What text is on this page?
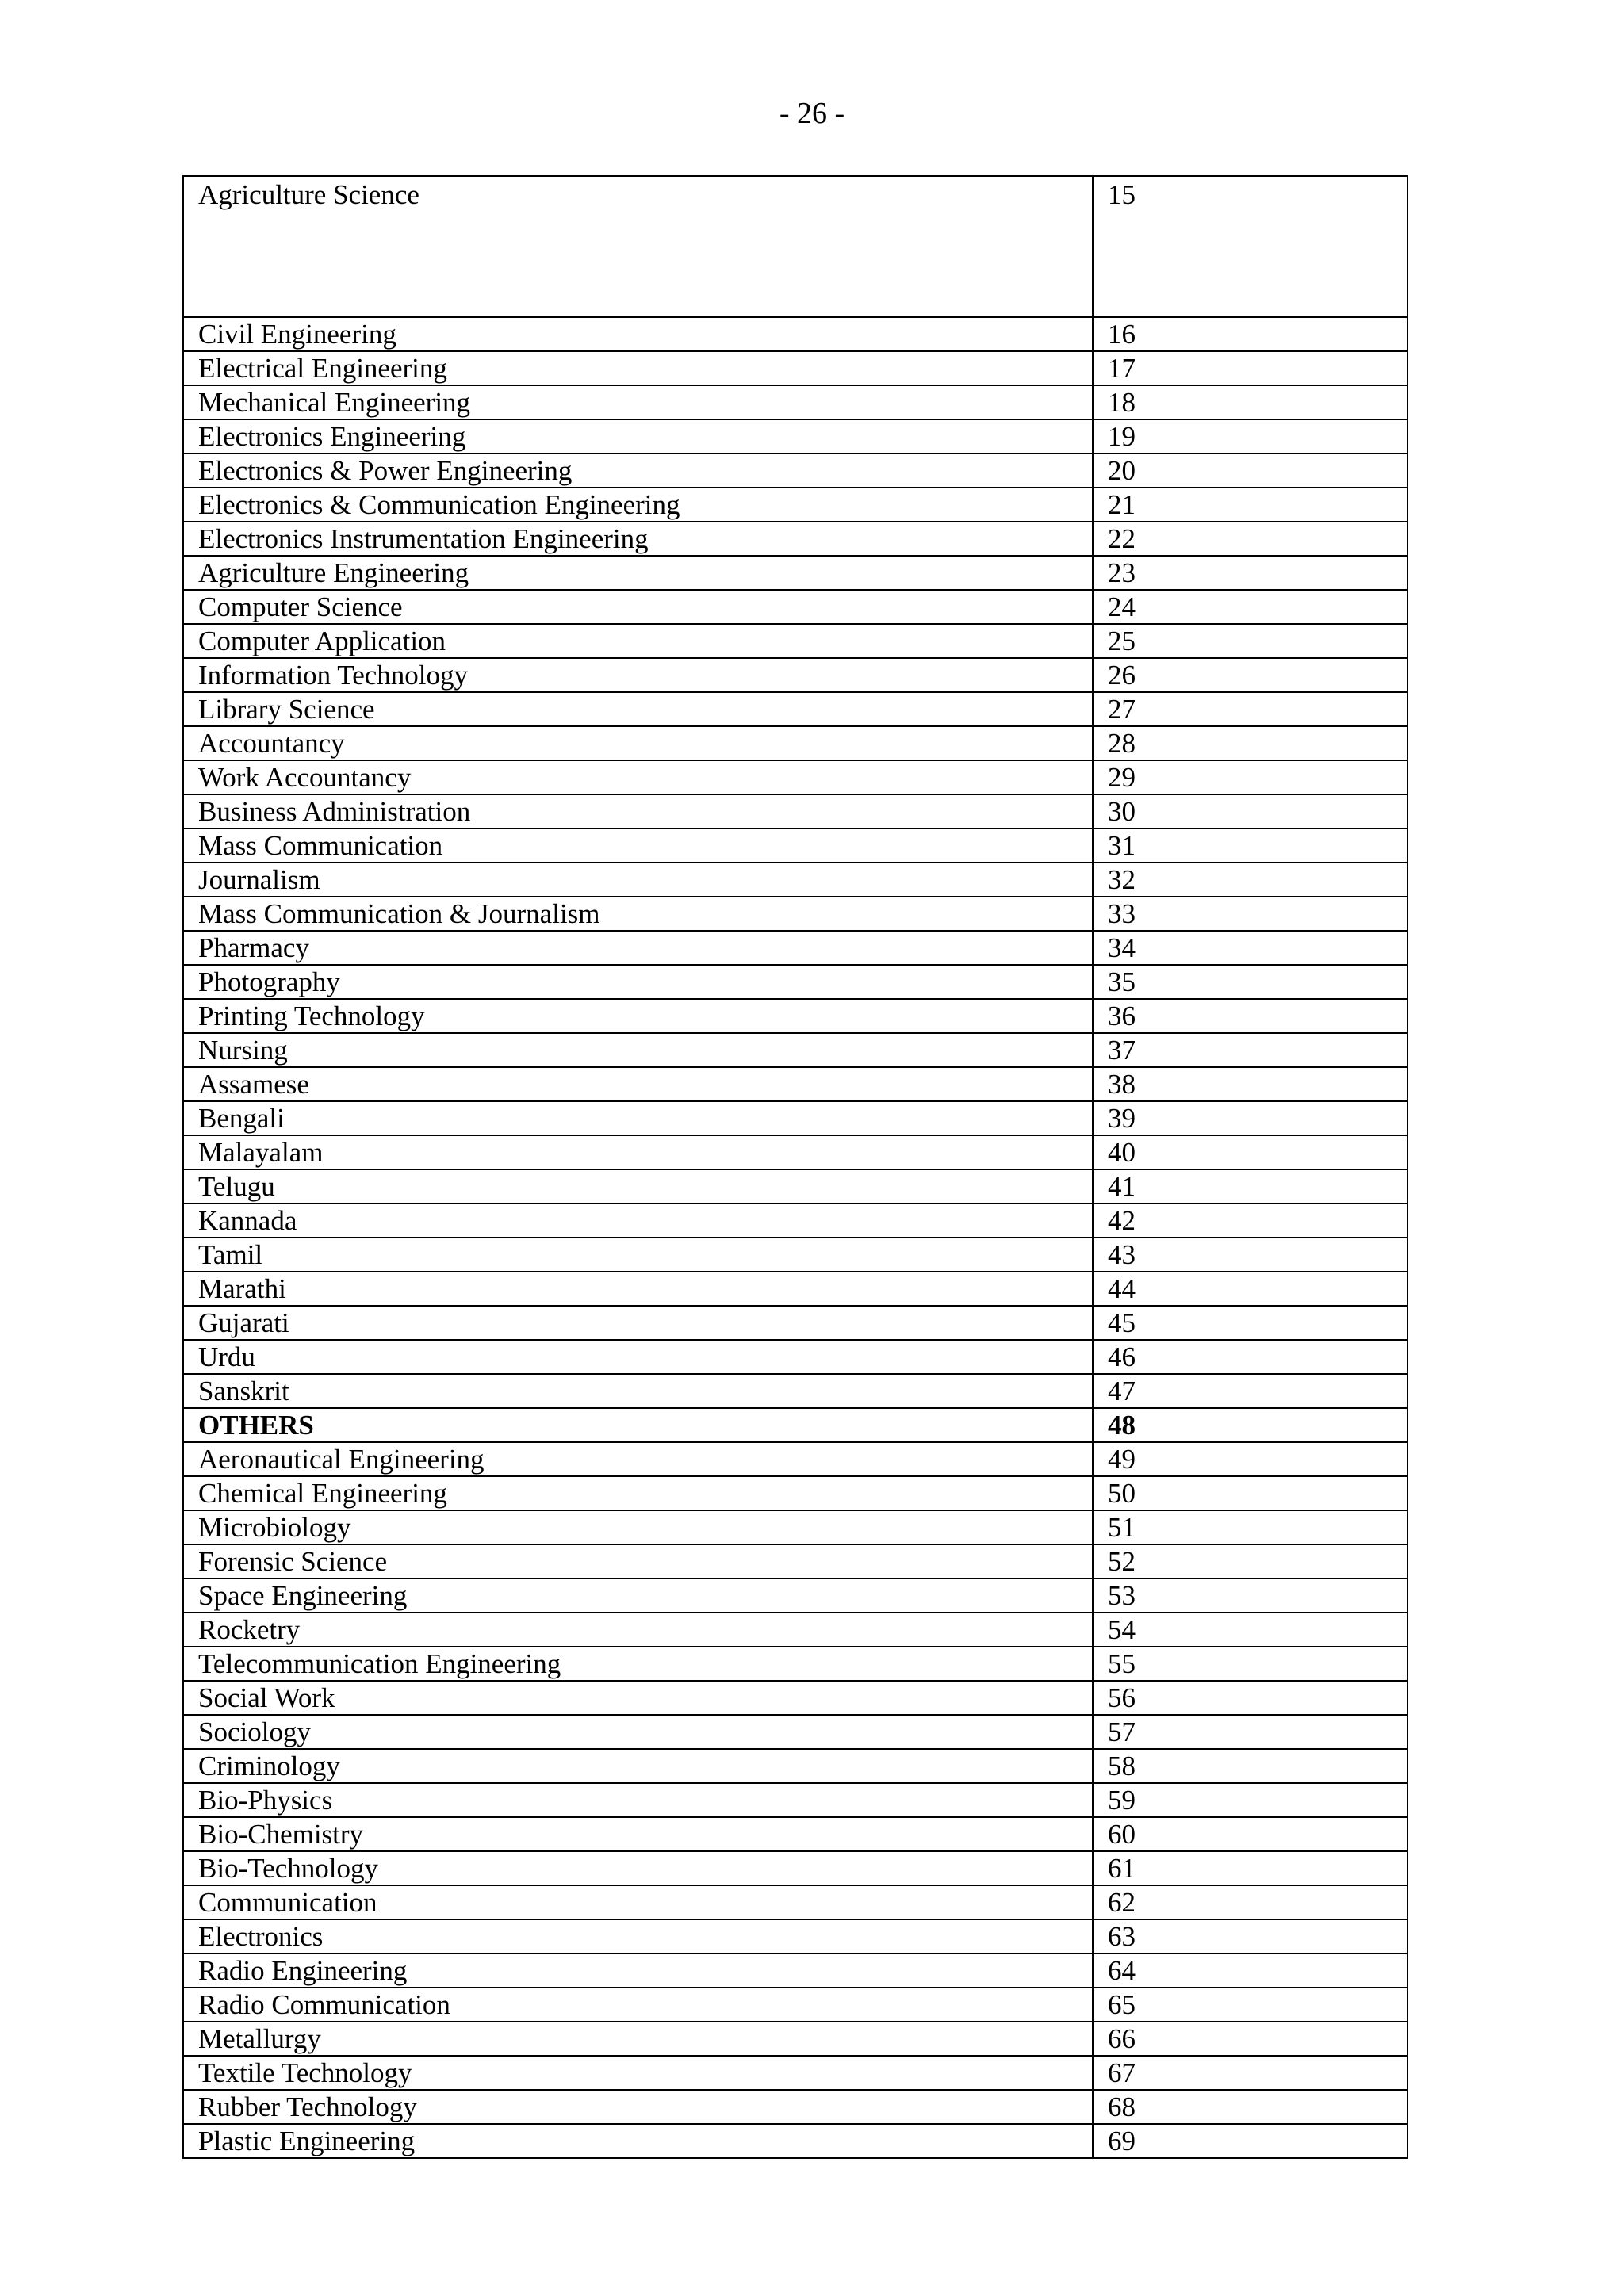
- 26 -
Agriculture Science	15
Civil Engineering	16
Electrical Engineering	17
Mechanical Engineering	18
Electronics Engineering	19
Electronics & Power Engineering	20
Electronics & Communication Engineering	21
Electronics Instrumentation Engineering	22
Agriculture Engineering	23
Computer Science	24
Computer Application	25
Information Technology	26
Library Science	27
Accountancy	28
Work Accountancy	29
Business Administration	30
Mass Communication	31
Journalism	32
Mass Communication & Journalism	33
Pharmacy	34
Photography	35
Printing Technology	36
Nursing	37
Assamese	38
Bengali	39
Malayalam	40
Telugu	41
Kannada	42
Tamil	43
Marathi	44
Gujarati	45
Urdu	46
Sanskrit	47
OTHERS	48
Aeronautical Engineering	49
Chemical Engineering	50
Microbiology	51
Forensic Science	52
Space Engineering	53
Rocketry	54
Telecommunication Engineering	55
Social Work	56
Sociology	57
Criminology	58
Bio-Physics	59
Bio-Chemistry	60
Bio-Technology	61
Communication	62
Electronics	63
Radio Engineering	64
Radio Communication	65
Metallurgy	66
Textile Technology	67
Rubber Technology	68
Plastic Engineering	69
